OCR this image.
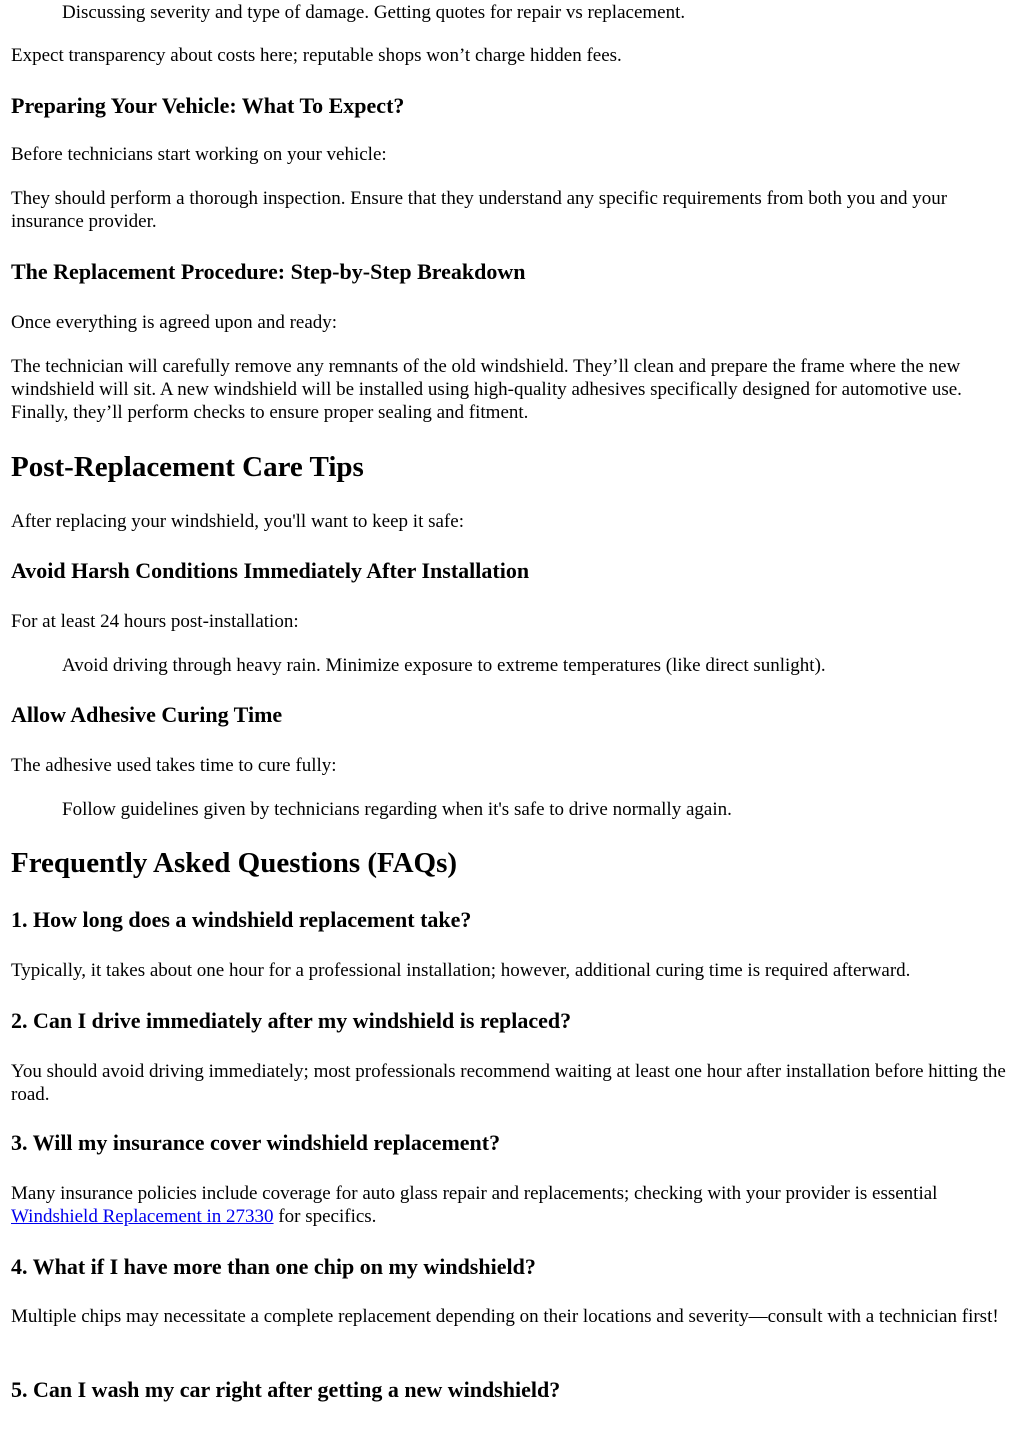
Discussing severity and type of damage. Getting quotes for repair vs replacement.

Expect transparency about costs here; reputable shops won’t charge hidden fees.

Preparing Your Vehicle: What To Expect?

Before technicians start working on your vehicle:

They should perform a thorough inspection. Ensure that they understand any specific requirements from both you and your insurance provider.

The Replacement Procedure: Step-by-Step Breakdown

Once everything is agreed upon and ready:

The technician will carefully remove any remnants of the old windshield. They’ll clean and prepare the frame where the new windshield will sit. A new windshield will be installed using high-quality adhesives specifically designed for automotive use. Finally, they’ll perform checks to ensure proper sealing and fitment.

Post-Replacement Care Tips

After replacing your windshield, you'll want to keep it safe:

Avoid Harsh Conditions Immediately After Installation

For at least 24 hours post-installation:

Avoid driving through heavy rain. Minimize exposure to extreme temperatures (like direct sunlight).

Allow Adhesive Curing Time

The adhesive used takes time to cure fully:

Follow guidelines given by technicians regarding when it's safe to drive normally again.

Frequently Asked Questions (FAQs)
1. How long does a windshield replacement take?

Typically, it takes about one hour for a professional installation; however, additional curing time is required afterward.

2. Can I drive immediately after my windshield is replaced?

You should avoid driving immediately; most professionals recommend waiting at least one hour after installation before hitting the road.

3. Will my insurance cover windshield replacement?

Many insurance policies include coverage for auto glass repair and replacements; checking with your provider is essential Windshield Replacement in 27330 for specifics.

4. What if I have more than one chip on my windshield?

Multiple chips may necessitate a complete replacement depending on their locations and severity—consult with a technician first!

5. Can I wash my car right after getting a new windshield?
